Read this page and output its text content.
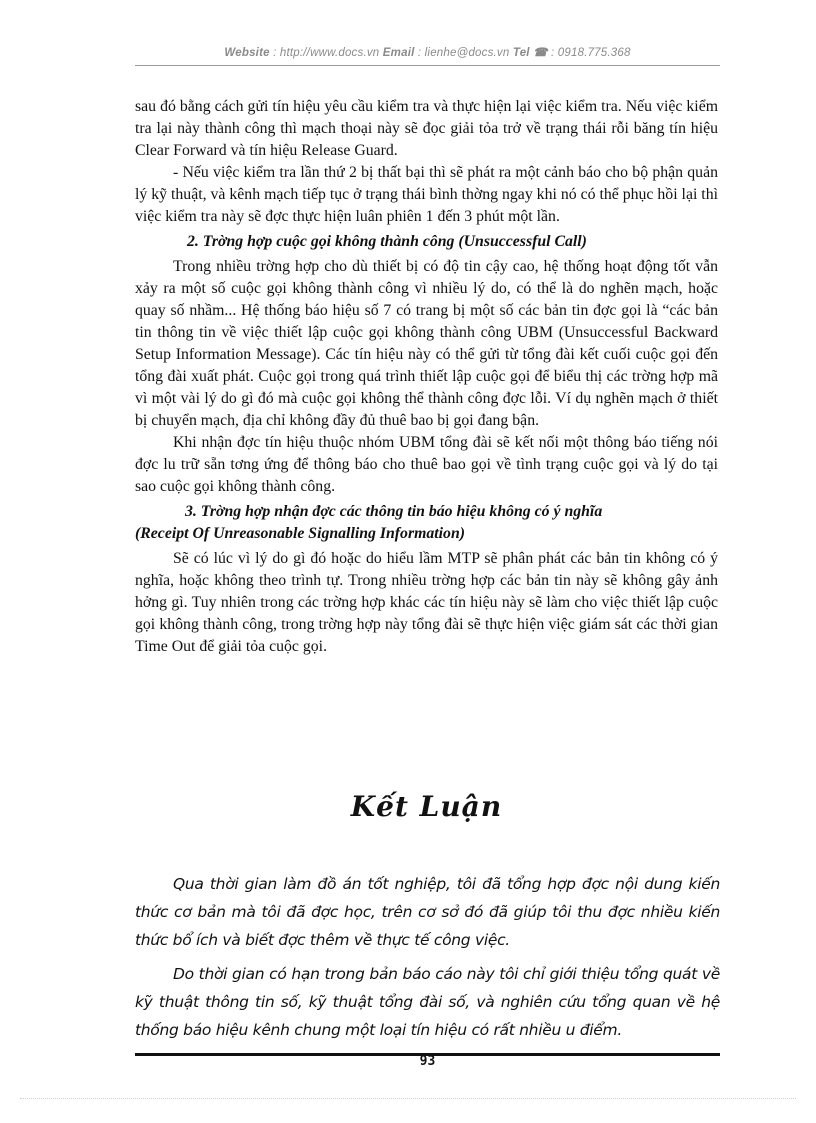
Website : http://www.docs.vn Email : lienhe@docs.vn Tel ☎ : 0918.775.368

sau đó bằng cách gửi tín hiệu yêu cầu kiểm tra và thực hiện lại việc kiểm tra. Nếu việc kiểm tra lại này thành công thì mạch thoại này sẽ đọc giải tỏa trở về trạng thái rỗi băng tín hiệu Clear Forward và tín hiệu Release Guard.

- Nếu việc kiểm tra lần thứ 2 bị thất bại thì sẽ phát ra một cảnh báo cho bộ phận quản lý kỹ thuật, và kênh mạch tiếp tục ở trạng thái bình thờng ngay khi nó có thể phục hồi lại thì việc kiểm tra này sẽ đợc thực hiện luân phiên 1 đến 3 phút một lần.

2. Trờng hợp cuộc gọi không thành công (Unsuccessful Call)

Trong nhiều trờng hợp cho dù thiết bị có độ tin cậy cao, hệ thống hoạt động tốt vẫn xảy ra một số cuộc gọi không thành công vì nhiều lý do, có thể là do nghẽn mạch, hoặc quay số nhầm... Hệ thống báo hiệu số 7 có trang bị một số các bản tin đợc gọi là “các bản tin thông tin về việc thiết lập cuộc gọi không thành công UBM (Unsuccessful Backward Setup Information Message). Các tín hiệu này có thể gửi từ tổng đài kết cuối cuộc gọi đến tổng đài xuất phát. Cuộc gọi trong quá trình thiết lập cuộc gọi để biểu thị các trờng hợp mã vì một vài lý do gì đó mà cuộc gọi không thể thành công đợc lỗi. Ví dụ nghẽn mạch ở thiết bị chuyển mạch, địa chỉ không đầy đủ thuê bao bị gọi đang bận.

Khi nhận đợc tín hiệu thuộc nhóm UBM tổng đài sẽ kết nối một thông báo tiếng nói đợc lu trữ sẵn tơng ứng để thông báo cho thuê bao gọi về tình trạng cuộc gọi và lý do tại sao cuộc gọi không thành công.

3. Trờng hợp nhận đợc các thông tin báo hiệu không có ý nghĩa

(Receipt Of Unreasonable Signalling Information)

Sẽ có lúc vì lý do gì đó hoặc do hiểu lầm MTP sẽ phân phát các bản tin không có ý nghĩa, hoặc không theo trình tự. Trong nhiều trờng hợp các bản tin này sẽ không gây ảnh hởng gì. Tuy nhiên trong các trờng hợp khác các tín hiệu này sẽ làm cho việc thiết lập cuộc gọi không thành công, trong trờng hợp này tổng đài sẽ thực hiện việc giám sát các thời gian Time Out để giải tỏa cuộc gọi.

Kết Luận

Qua thời gian làm đồ án tốt nghiệp, tôi đã tổng hợp đợc nội dung kiến thức cơ bản mà tôi đã đợc học, trên cơ sở đó đã giúp tôi thu đợc nhiều kiến thức bổ ích và biết đợc thêm về thực tế công việc.

Do thời gian có hạn trong bản báo cáo này tôi chỉ giới thiệu tổng quát về kỹ thuật thông tin số, kỹ thuật tổng đài số, và nghiên cứu tổng quan về hệ thống báo hiệu kênh chung một loại tín hiệu có rất nhiều u điểm.

93
